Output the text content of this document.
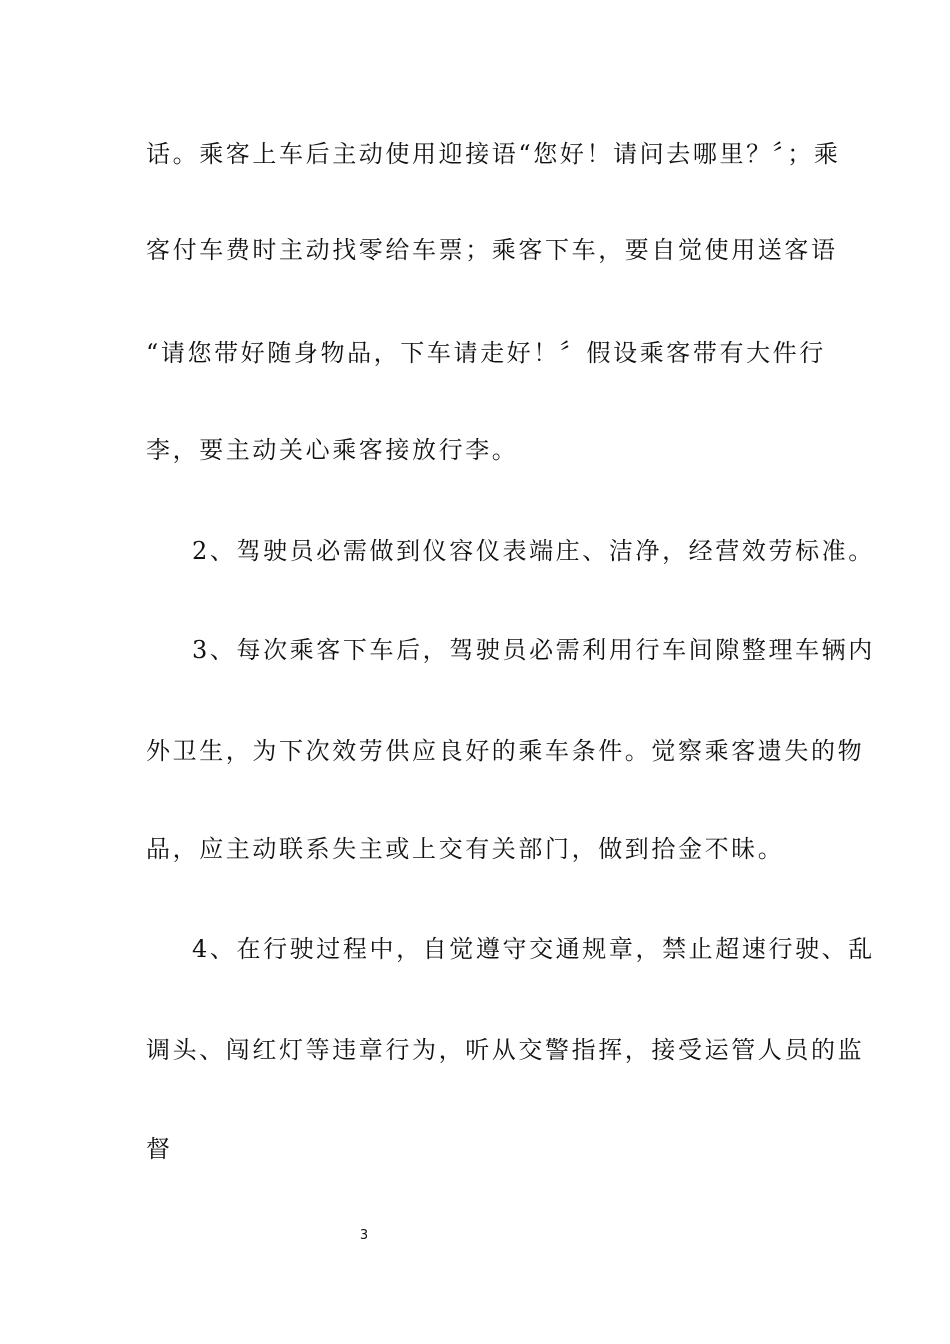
话。乘客上车后主动使用迎接语“您好！请问去哪里？〞；乘
客付车费时主动找零给车票；乘客下车，要自觉使用送客语
“请您带好随身物品，下车请走好！〞假设乘客带有大件行
李，要主动关心乘客接放行李。
2、驾驶员必需做到仪容仪表端庄、洁净，经营效劳标准。
3、每次乘客下车后，驾驶员必需利用行车间隙整理车辆内
外卫生，为下次效劳供应良好的乘车条件。觉察乘客遗失的物
品，应主动联系失主或上交有关部门，做到拾金不昧。
4、在行驶过程中，自觉遵守交通规章，禁止超速行驶、乱
调头、闯红灯等违章行为，听从交警指挥，接受运管人员的监
督
3
